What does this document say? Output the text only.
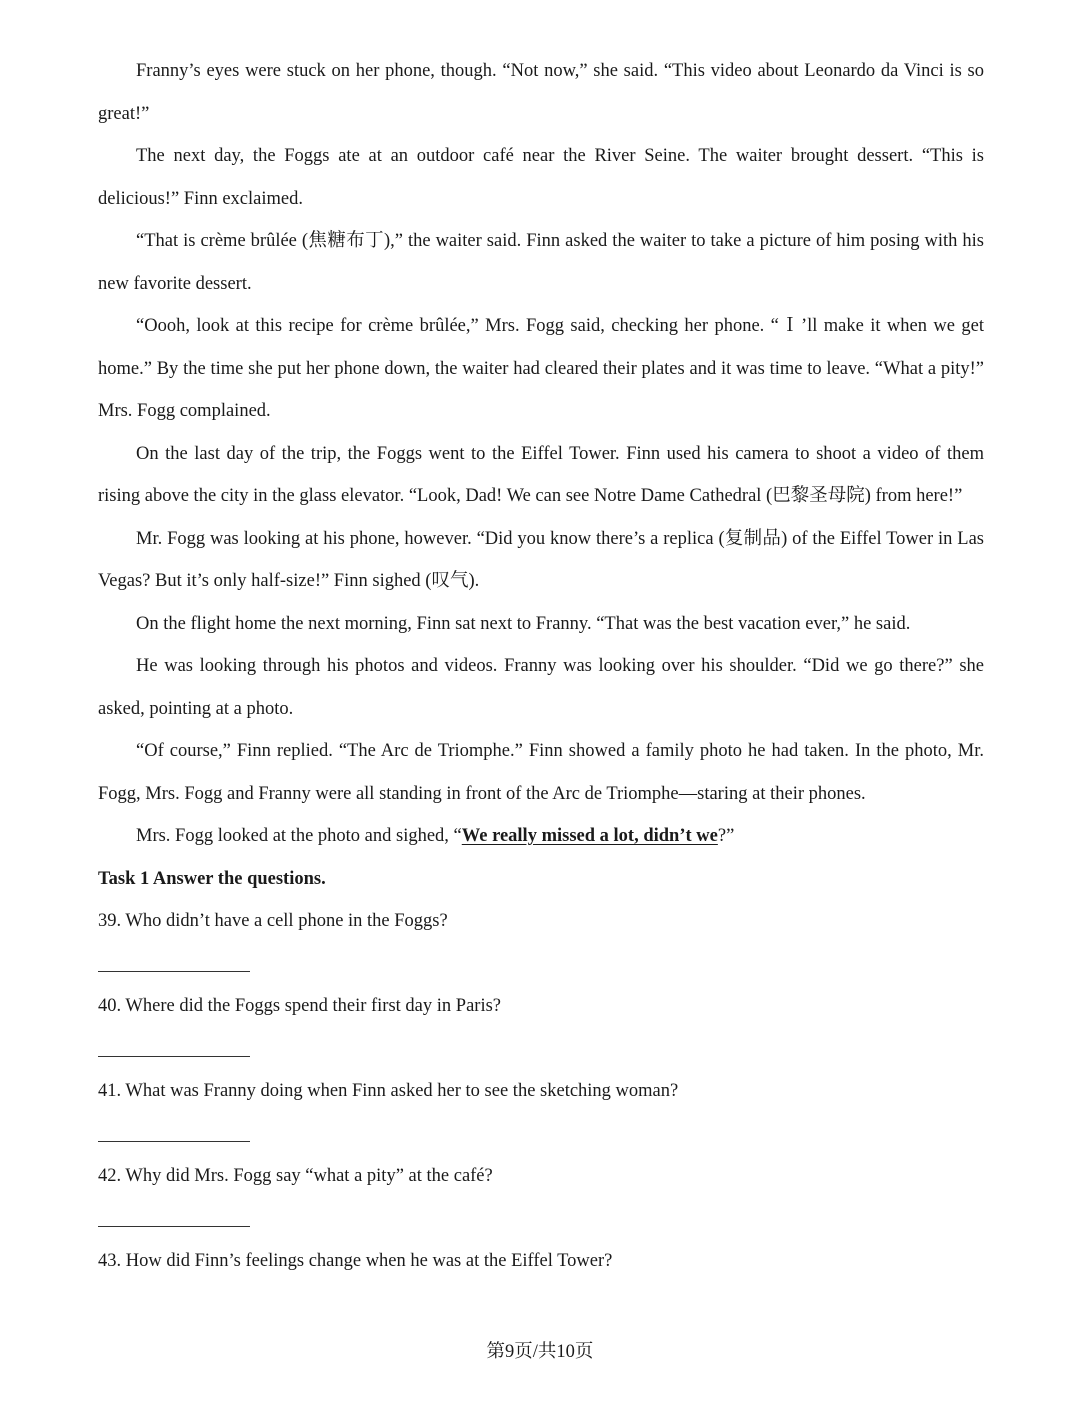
Franny’s eyes were stuck on her phone, though. “Not now,” she said. “This video about Leonardo da Vinci is so great!”

The next day, the Foggs ate at an outdoor café near the River Seine. The waiter brought dessert. “This is delicious!” Finn exclaimed.

“That is crème brûlée (焦糖布丁),” the waiter said. Finn asked the waiter to take a picture of him posing with his new favorite dessert.

“Oooh, look at this recipe for crème brûlée,” Mrs. Fogg said, checking her phone. “Ｉ’ll make it when we get home.” By the time she put her phone down, the waiter had cleared their plates and it was time to leave. “What a pity!” Mrs. Fogg complained.

On the last day of the trip, the Foggs went to the Eiffel Tower. Finn used his camera to shoot a video of them rising above the city in the glass elevator. “Look, Dad! We can see Notre Dame Cathedral (巴黎圣母院) from here!”

Mr. Fogg was looking at his phone, however. “Did you know there’s a replica (复制品) of the Eiffel Tower in Las Vegas? But it’s only half-size!” Finn sighed (叹气).

On the flight home the next morning, Finn sat next to Franny. “That was the best vacation ever,” he said.

He was looking through his photos and videos. Franny was looking over his shoulder. “Did we go there?” she asked, pointing at a photo.

“Of course,” Finn replied. “The Arc de Triomphe.” Finn showed a family photo he had taken. In the photo, Mr. Fogg, Mrs. Fogg and Franny were all standing in front of the Arc de Triomphe—staring at their phones.

Mrs. Fogg looked at the photo and sighed, “We really missed a lot, didn’t we?”

Task 1 Answer the questions.

39. Who didn’t have a cell phone in the Foggs?

40. Where did the Foggs spend their first day in Paris?

41. What was Franny doing when Finn asked her to see the sketching woman?

42. Why did Mrs. Fogg say “what a pity” at the café?

43. How did Finn’s feelings change when he was at the Eiffel Tower?

第9页/共10页
